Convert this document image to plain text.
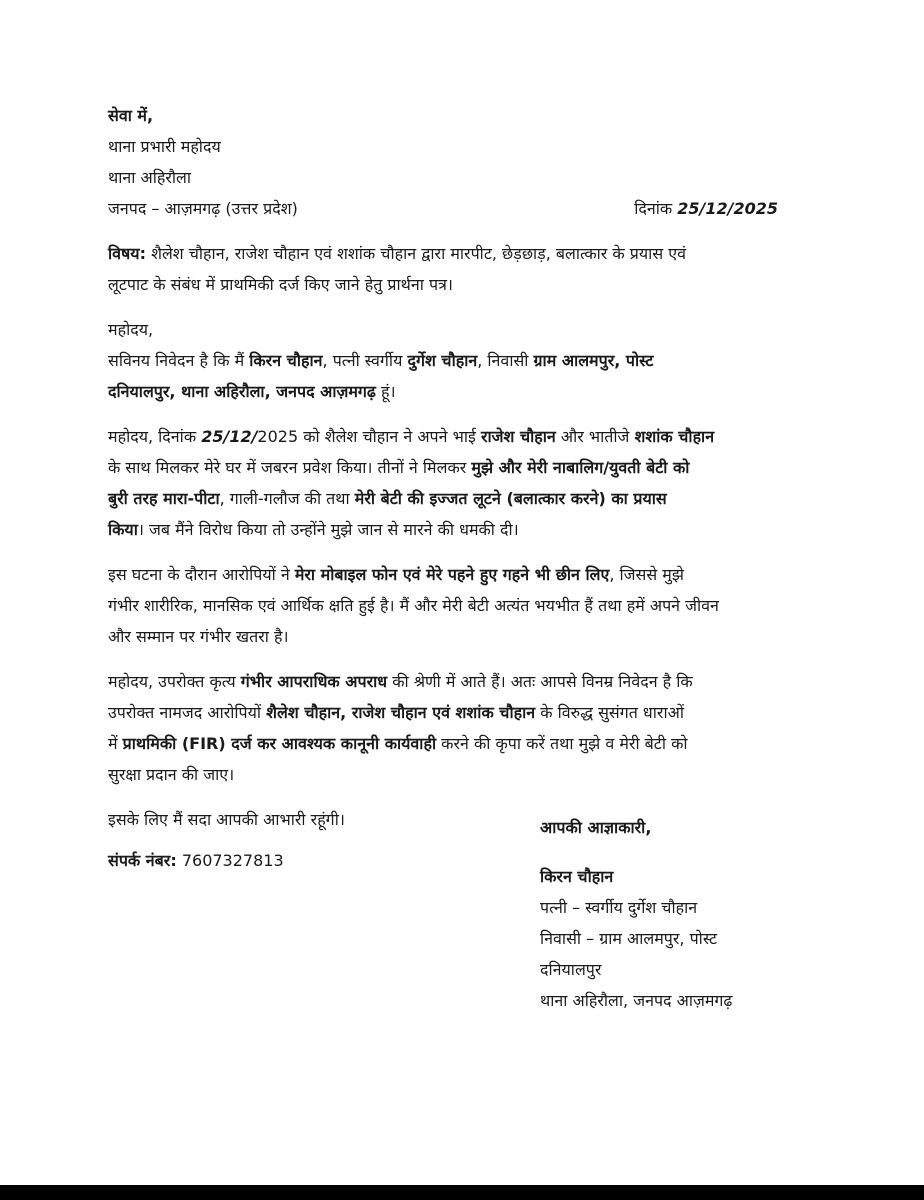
सेवा में,
थाना प्रभारी महोदय
थाना अहिरौला
जनपद – आज़मगढ़ (उत्तर प्रदेश)	दिनांक 25/12/2025
विषय: शैलेश चौहान, राजेश चौहान एवं शशांक चौहान द्वारा मारपीट, छेड़छाड़, बलात्कार के प्रयास एवं
लूटपाट के संबंध में प्राथमिकी दर्ज किए जाने हेतु प्रार्थना पत्र।
महोदय,
सविनय निवेदन है कि मैं किरन चौहान, पत्नी स्वर्गीय दुर्गेश चौहान, निवासी ग्राम आलमपुर, पोस्ट
दनियालपुर, थाना अहिरौला, जनपद आज़मगढ़ हूं।
महोदय, दिनांक 25/12/2025 को शैलेश चौहान ने अपने भाई राजेश चौहान और भातीजे शशांक चौहान
के साथ मिलकर मेरे घर में जबरन प्रवेश किया। तीनों ने मिलकर मुझे और मेरी नाबालिग/युवती बेटी को
बुरी तरह मारा-पीटा, गाली-गलौज की तथा मेरी बेटी की इज्जत लूटने (बलात्कार करने) का प्रयास
किया। जब मैंने विरोध किया तो उन्होंने मुझे जान से मारने की धमकी दी।
इस घटना के दौरान आरोपियों ने मेरा मोबाइल फोन एवं मेरे पहने हुए गहने भी छीन लिए, जिससे मुझे
गंभीर शारीरिक, मानसिक एवं आर्थिक क्षति हुई है। मैं और मेरी बेटी अत्यंत भयभीत हैं तथा हमें अपने जीवन
और सम्मान पर गंभीर खतरा है।
महोदय, उपरोक्त कृत्य गंभीर आपराधिक अपराध की श्रेणी में आते हैं। अतः आपसे विनम्र निवेदन है कि
उपरोक्त नामजद आरोपियों शैलेश चौहान, राजेश चौहान एवं शशांक चौहान के विरुद्ध सुसंगत धाराओं
में प्राथमिकी (FIR) दर्ज कर आवश्यक कानूनी कार्यवाही करने की कृपा करें तथा मुझे व मेरी बेटी को
सुरक्षा प्रदान की जाए।
इसके लिए मैं सदा आपकी आभारी रहूंगी।
संपर्क नंबर: 7607327813
आपकी आज्ञाकारी,
किरन चौहान
पत्नी – स्वर्गीय दुर्गेश चौहान
निवासी – ग्राम आलमपुर, पोस्ट
दनियालपुर
थाना अहिरौला, जनपद आज़मगढ़
